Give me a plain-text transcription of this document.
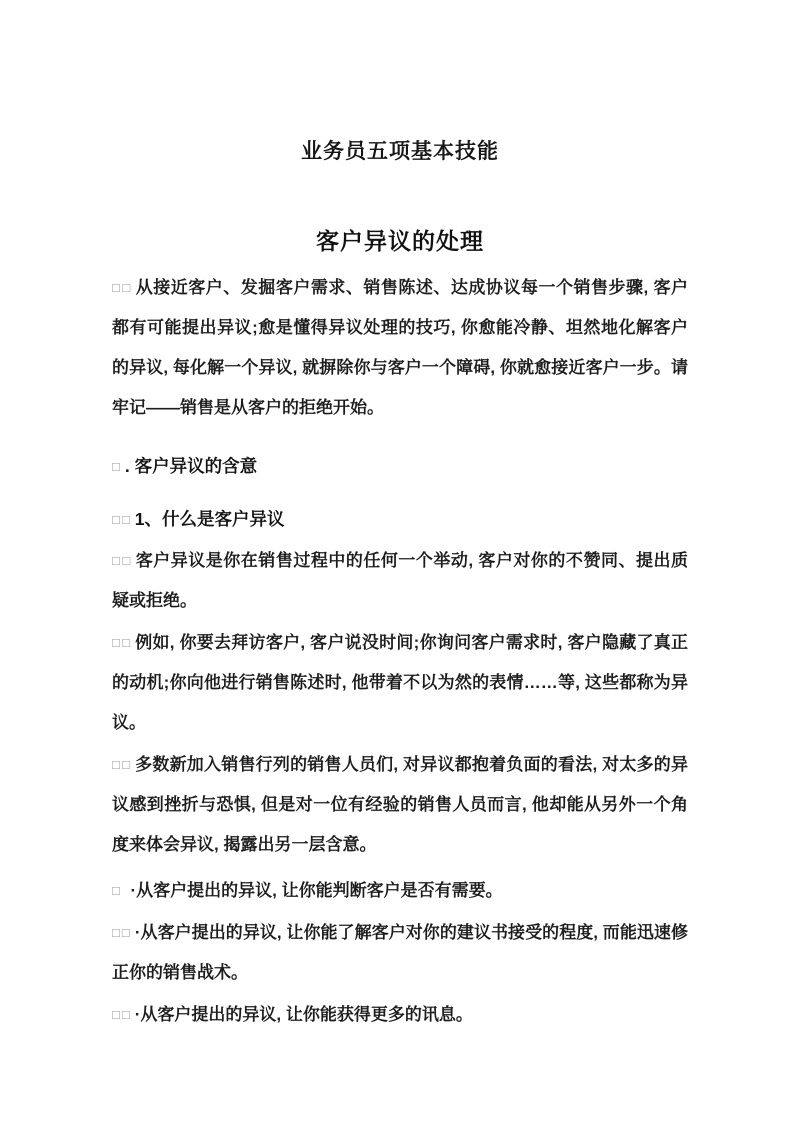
业务员五项基本技能
客户异议的处理

□□ 从接近客户、发掘客户需求、销售陈述、达成协议每一个销售步骤, 客户都有可能提出异议;愈是懂得异议处理的技巧, 你愈能冷静、坦然地化解客户的异议, 每化解一个异议, 就摒除你与客户一个障碍, 你就愈接近客户一步。请牢记——销售是从客户的拒绝开始。

□ . 客户异议的含意
□□ 1、什么是客户异议

□□ 客户异议是你在销售过程中的任何一个举动, 客户对你的不赞同、提出质疑或拒绝。

□□ 例如, 你要去拜访客户, 客户说没时间;你询问客户需求时, 客户隐藏了真正的动机;你向他进行销售陈述时, 他带着不以为然的表情……等, 这些都称为异议。

□□ 多数新加入销售行列的销售人员们, 对异议都抱着负面的看法, 对太多的异议感到挫折与恐惧, 但是对一位有经验的销售人员而言, 他却能从另外一个角度来体会异议, 揭露出另一层含意。

□ ·从客户提出的异议, 让你能判断客户是否有需要。

□□ ·从客户提出的异议, 让你能了解客户对你的建议书接受的程度, 而能迅速修正你的销售战术。

□□ ·从客户提出的异议, 让你能获得更多的讯息。
